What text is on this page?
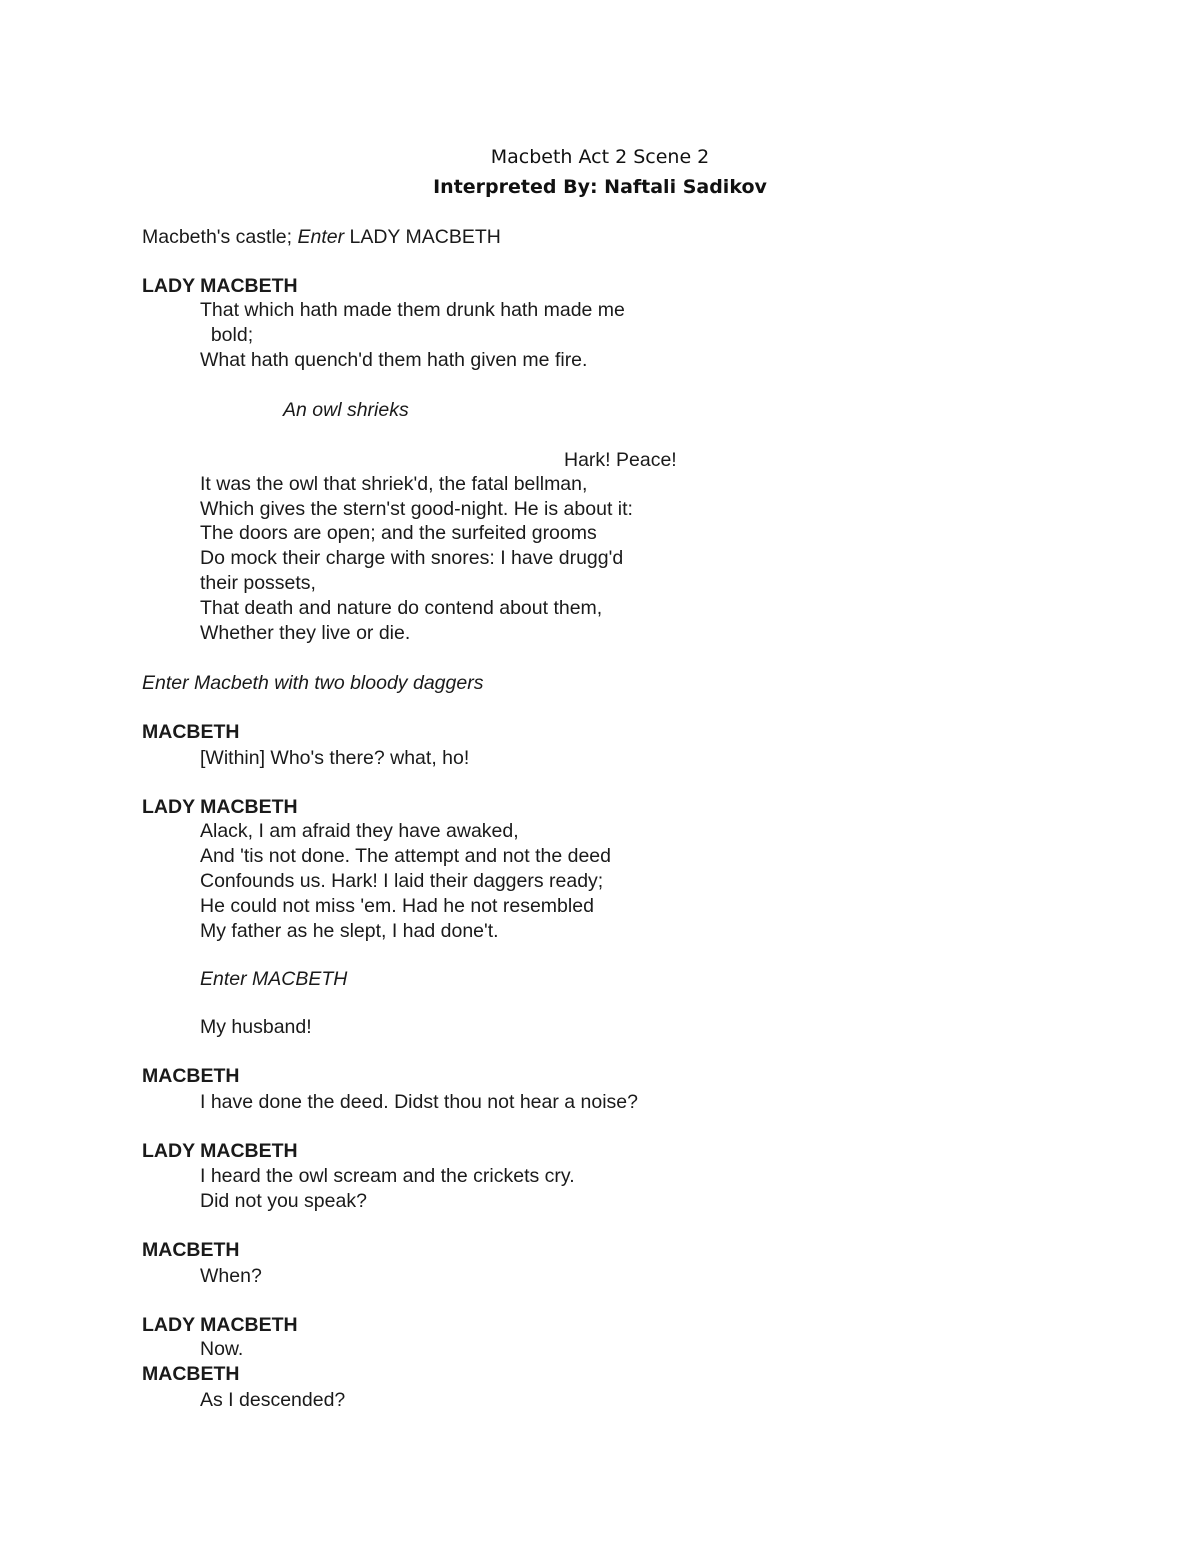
Macbeth Act 2 Scene 2
Interpreted By: Naftali Sadikov
Macbeth's castle; Enter LADY MACBETH
LADY MACBETH
That which hath made them drunk hath made me
bold;
What hath quench'd them hath given me fire.
An owl shrieks
Hark! Peace!
It was the owl that shriek'd, the fatal bellman,
Which gives the stern'st good-night. He is about it:
The doors are open; and the surfeited grooms
Do mock their charge with snores: I have drugg'd
their possets,
That death and nature do contend about them,
Whether they live or die.
Enter Macbeth with two bloody daggers
MACBETH
[Within] Who's there? what, ho!
LADY MACBETH
Alack, I am afraid they have awaked,
And 'tis not done. The attempt and not the deed
Confounds us. Hark! I laid their daggers ready;
He could not miss 'em. Had he not resembled
My father as he slept, I had done't.
Enter MACBETH
My husband!
MACBETH
I have done the deed. Didst thou not hear a noise?
LADY MACBETH
I heard the owl scream and the crickets cry.
Did not you speak?
MACBETH
When?
LADY MACBETH
Now.
MACBETH
As I descended?
